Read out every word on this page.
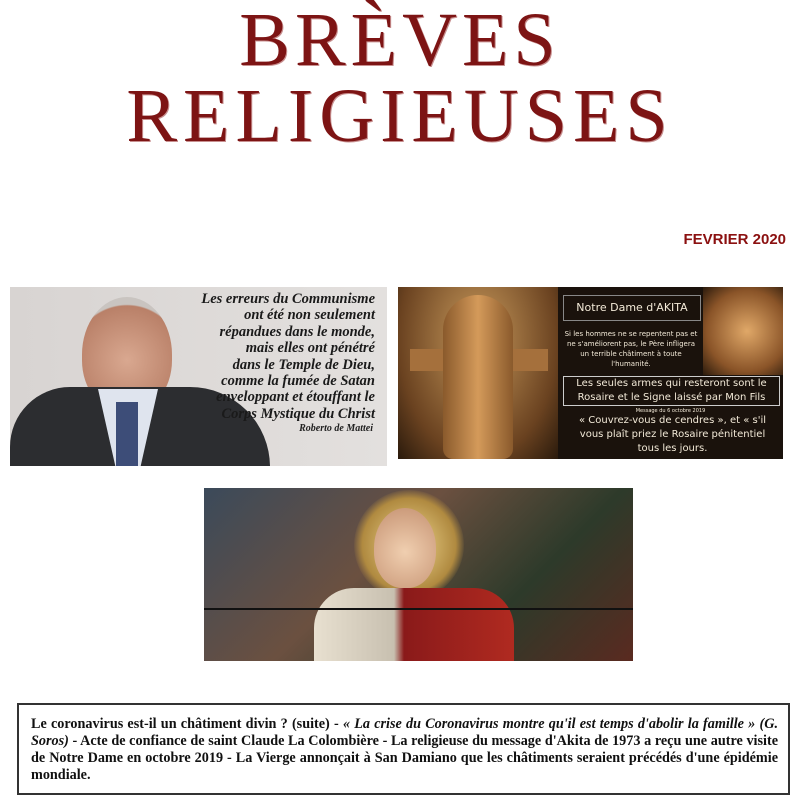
BRÈVES
RELIGIEUSES
FEVRIER 2020
Les erreurs du Communisme
ont été non seulement
répandues dans le monde,
mais elles ont pénétré
dans le Temple de Dieu,
comme la fumée de Satan
enveloppant et étouffant le
Corps Mystique du Christ
Roberto de Mattei
Notre Dame d'AKITA
Si les hommes ne se repentent pas et ne s'améliorent pas, le Père infligera un terrible châtiment à toute l'humanité.
Les seules armes qui resteront sont le Rosaire et le Signe laissé par Mon Fils
Message du 6 octobre 2019
« Couvrez-vous de cendres », et « s'il vous plaît priez le Rosaire pénitentiel tous les jours.
Le coronavirus est-il un châtiment divin ? (suite) - « La crise du Coronavirus montre qu'il est temps d'abolir la famille » (G. Soros) - Acte de confiance de saint Claude La Colombière - La religieuse du message d'Akita de 1973 a reçu une autre visite de Notre Dame en octobre 2019 - La Vierge annonçait à San Damiano que les châtiments seraient précédés d'une épidémie mondiale.
